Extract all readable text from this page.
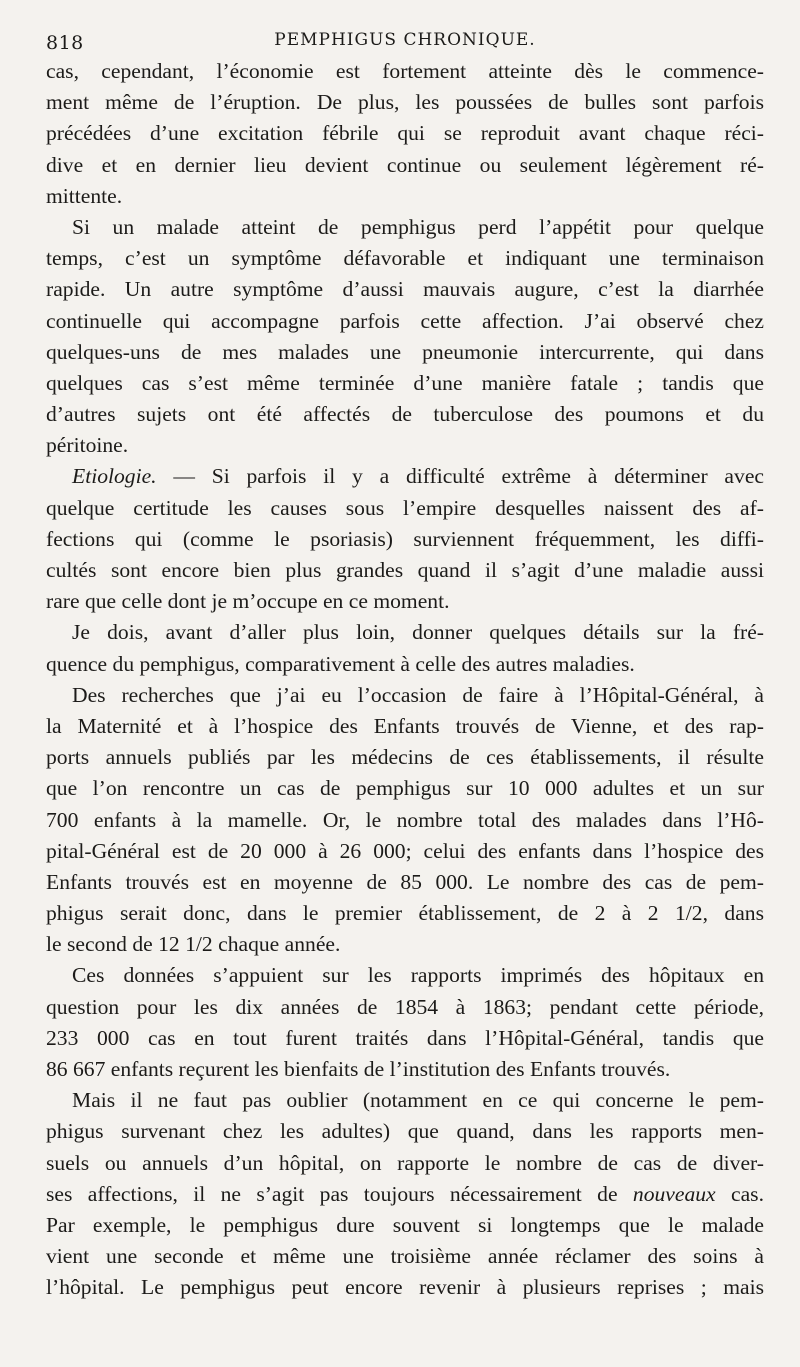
818	PEMPHIGUS CHRONIQUE.
cas, cependant, l’économie est fortement atteinte dès le commence-
ment même de l’éruption. De plus, les poussées de bulles sont parfois
précédées d’une excitation fébrile qui se reproduit avant chaque réci-
dive et en dernier lieu devient continue ou seulement légèrement ré-
mittente.
Si un malade atteint de pemphigus perd l’appétit pour quelque
temps, c’est un symptôme défavorable et indiquant une terminaison
rapide. Un autre symptôme d’aussi mauvais augure, c’est la diarrhée
continuelle qui accompagne parfois cette affection. J’ai observé chez
quelques-uns de mes malades une pneumonie intercurrente, qui dans
quelques cas s’est même terminée d’une manière fatale ; tandis que
d’autres sujets ont été affectés de tuberculose des poumons et du
péritoine.
Etiologie. — Si parfois il y a difficulté extrême à déterminer avec
quelque certitude les causes sous l’empire desquelles naissent des af-
fections qui (comme le psoriasis) surviennent fréquemment, les diffi-
cultés sont encore bien plus grandes quand il s’agit d’une maladie aussi
rare que celle dont je m’occupe en ce moment.
Je dois, avant d’aller plus loin, donner quelques détails sur la fré-
quence du pemphigus, comparativement à celle des autres maladies.
Des recherches que j’ai eu l’occasion de faire à l’Hôpital-Général, à
la Maternité et à l’hospice des Enfants trouvés de Vienne, et des rap-
ports annuels publiés par les médecins de ces établissements, il résulte
que l’on rencontre un cas de pemphigus sur 10 000 adultes et un sur
700 enfants à la mamelle. Or, le nombre total des malades dans l’Hô-
pital-Général est de 20 000 à 26 000; celui des enfants dans l’hospice des
Enfants trouvés est en moyenne de 85 000. Le nombre des cas de pem-
phigus serait donc, dans le premier établissement, de 2 à 2 1/2, dans
le second de 12 1/2 chaque année.
Ces données s’appuient sur les rapports imprimés des hôpitaux en
question pour les dix années de 1854 à 1863; pendant cette période,
233 000 cas en tout furent traités dans l’Hôpital-Général, tandis que
86 667 enfants reçurent les bienfaits de l’institution des Enfants trouvés.
Mais il ne faut pas oublier (notamment en ce qui concerne le pem-
phigus survenant chez les adultes) que quand, dans les rapports men-
suels ou annuels d’un hôpital, on rapporte le nombre de cas de diver-
ses affections, il ne s’agit pas toujours nécessairement de nouveaux cas.
Par exemple, le pemphigus dure souvent si longtemps que le malade
vient une seconde et même une troisième année réclamer des soins à
l’hôpital. Le pemphigus peut encore revenir à plusieurs reprises ; mais
